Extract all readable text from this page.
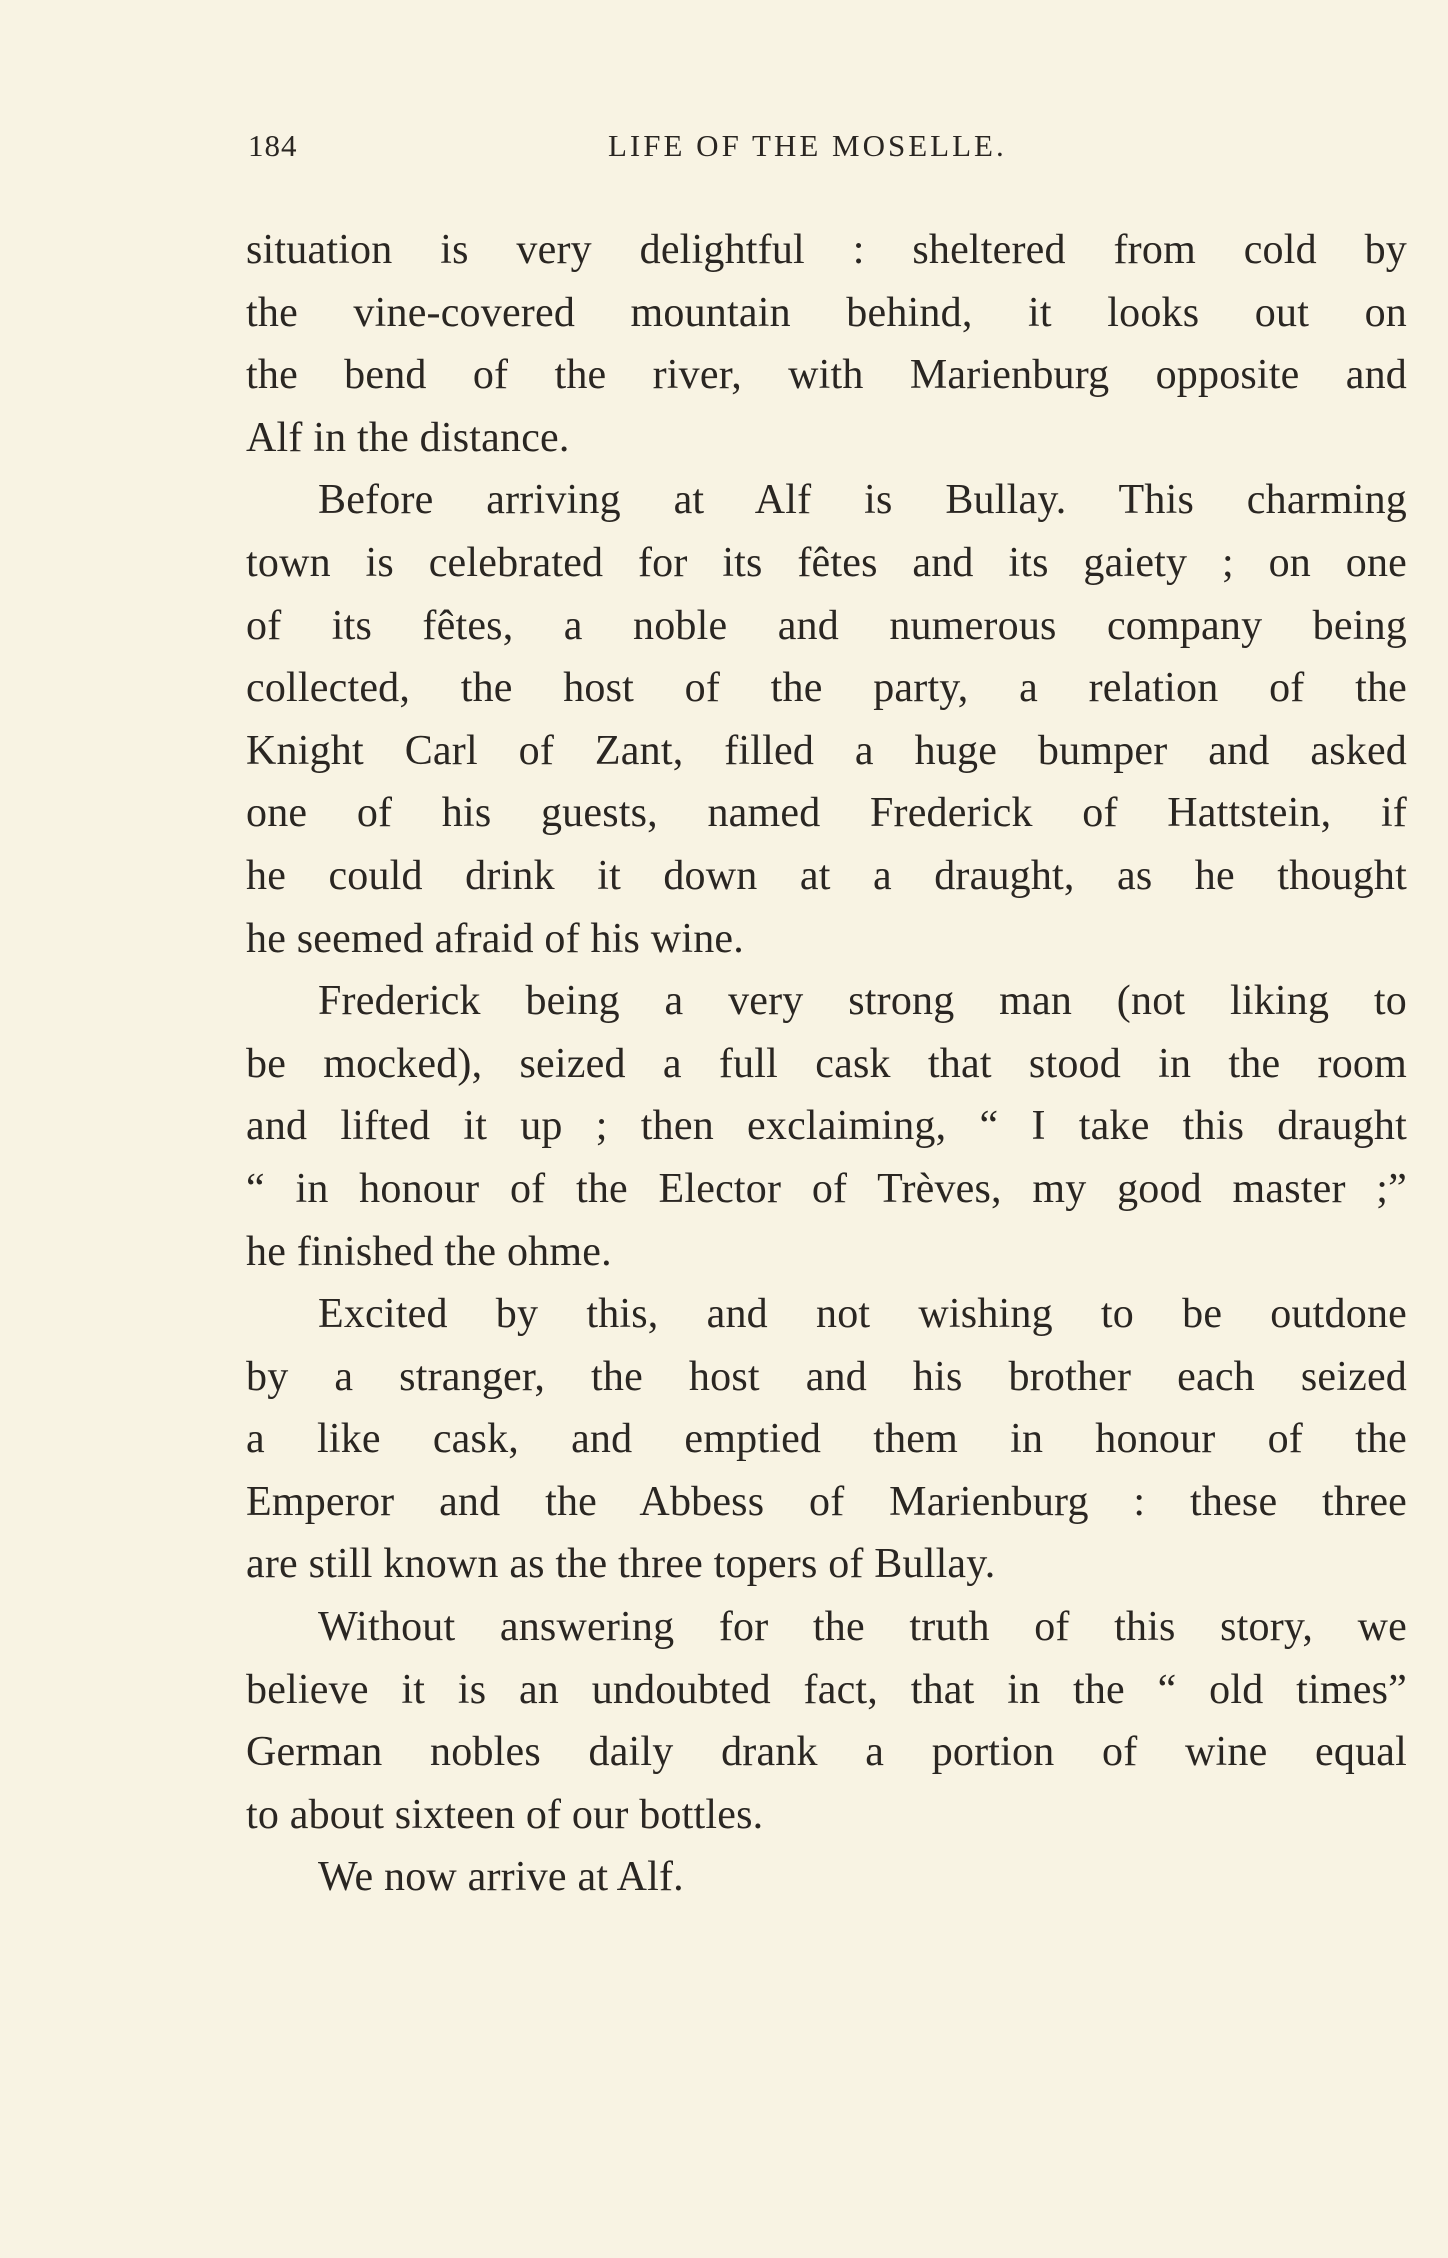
184	LIFE OF THE MOSELLE.
situation is very delightful : sheltered from cold by
the vine-covered mountain behind, it looks out on
the bend of the river, with Marienburg opposite and
Alf in the distance.
Before arriving at Alf is Bullay. This charming
town is celebrated for its fêtes and its gaiety ; on one
of its fêtes, a noble and numerous company being
collected, the host of the party, a relation of the
Knight Carl of Zant, filled a huge bumper and asked
one of his guests, named Frederick of Hattstein, if
he could drink it down at a draught, as he thought
he seemed afraid of his wine.
Frederick being a very strong man (not liking to
be mocked), seized a full cask that stood in the room
and lifted it up ; then exclaiming, “ I take this draught
“ in honour of the Elector of Trèves, my good master ;”
he finished the ohme.
Excited by this, and not wishing to be outdone
by a stranger, the host and his brother each seized
a like cask, and emptied them in honour of the
Emperor and the Abbess of Marienburg : these three
are still known as the three topers of Bullay.
Without answering for the truth of this story, we
believe it is an undoubted fact, that in the “ old times”
German nobles daily drank a portion of wine equal
to about sixteen of our bottles.
We now arrive at Alf.
